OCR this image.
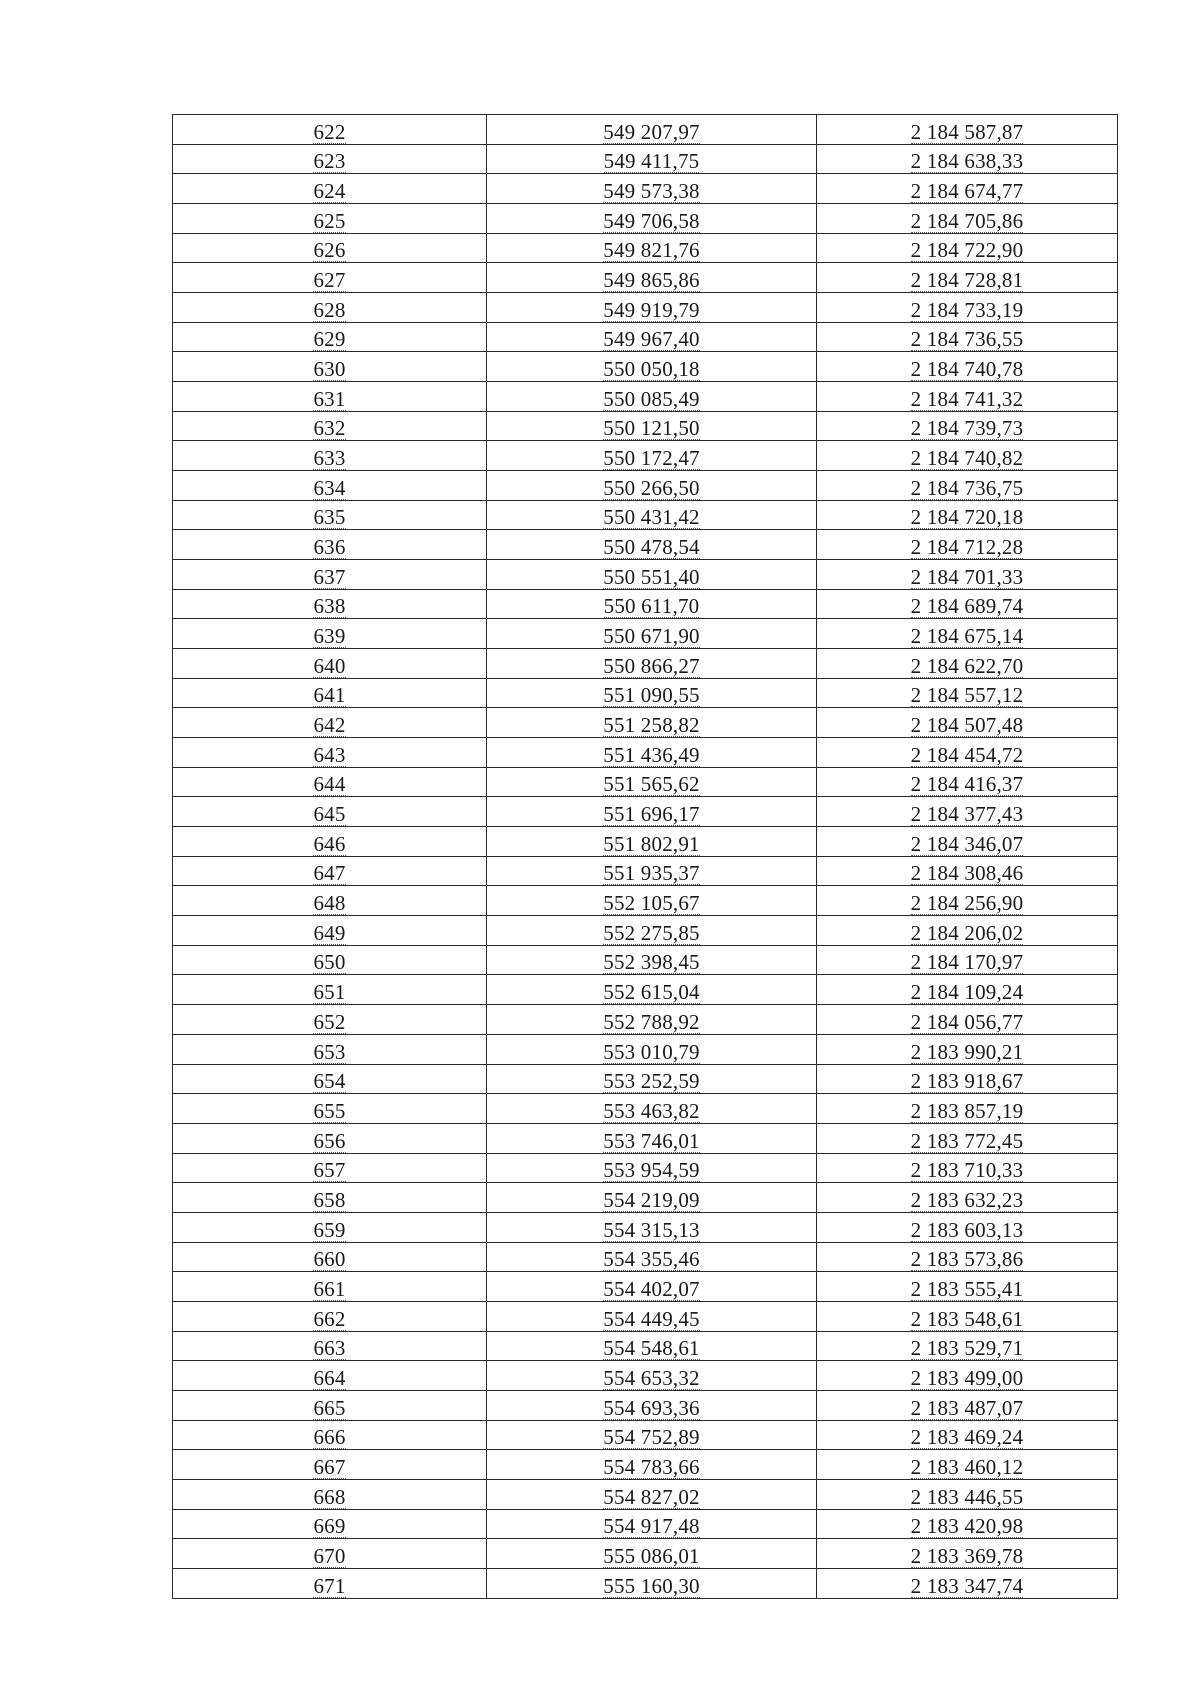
622	549 207,97	2 184 587,87
623	549 411,75	2 184 638,33
624	549 573,38	2 184 674,77
625	549 706,58	2 184 705,86
626	549 821,76	2 184 722,90
627	549 865,86	2 184 728,81
628	549 919,79	2 184 733,19
629	549 967,40	2 184 736,55
630	550 050,18	2 184 740,78
631	550 085,49	2 184 741,32
632	550 121,50	2 184 739,73
633	550 172,47	2 184 740,82
634	550 266,50	2 184 736,75
635	550 431,42	2 184 720,18
636	550 478,54	2 184 712,28
637	550 551,40	2 184 701,33
638	550 611,70	2 184 689,74
639	550 671,90	2 184 675,14
640	550 866,27	2 184 622,70
641	551 090,55	2 184 557,12
642	551 258,82	2 184 507,48
643	551 436,49	2 184 454,72
644	551 565,62	2 184 416,37
645	551 696,17	2 184 377,43
646	551 802,91	2 184 346,07
647	551 935,37	2 184 308,46
648	552 105,67	2 184 256,90
649	552 275,85	2 184 206,02
650	552 398,45	2 184 170,97
651	552 615,04	2 184 109,24
652	552 788,92	2 184 056,77
653	553 010,79	2 183 990,21
654	553 252,59	2 183 918,67
655	553 463,82	2 183 857,19
656	553 746,01	2 183 772,45
657	553 954,59	2 183 710,33
658	554 219,09	2 183 632,23
659	554 315,13	2 183 603,13
660	554 355,46	2 183 573,86
661	554 402,07	2 183 555,41
662	554 449,45	2 183 548,61
663	554 548,61	2 183 529,71
664	554 653,32	2 183 499,00
665	554 693,36	2 183 487,07
666	554 752,89	2 183 469,24
667	554 783,66	2 183 460,12
668	554 827,02	2 183 446,55
669	554 917,48	2 183 420,98
670	555 086,01	2 183 369,78
671	555 160,30	2 183 347,74
